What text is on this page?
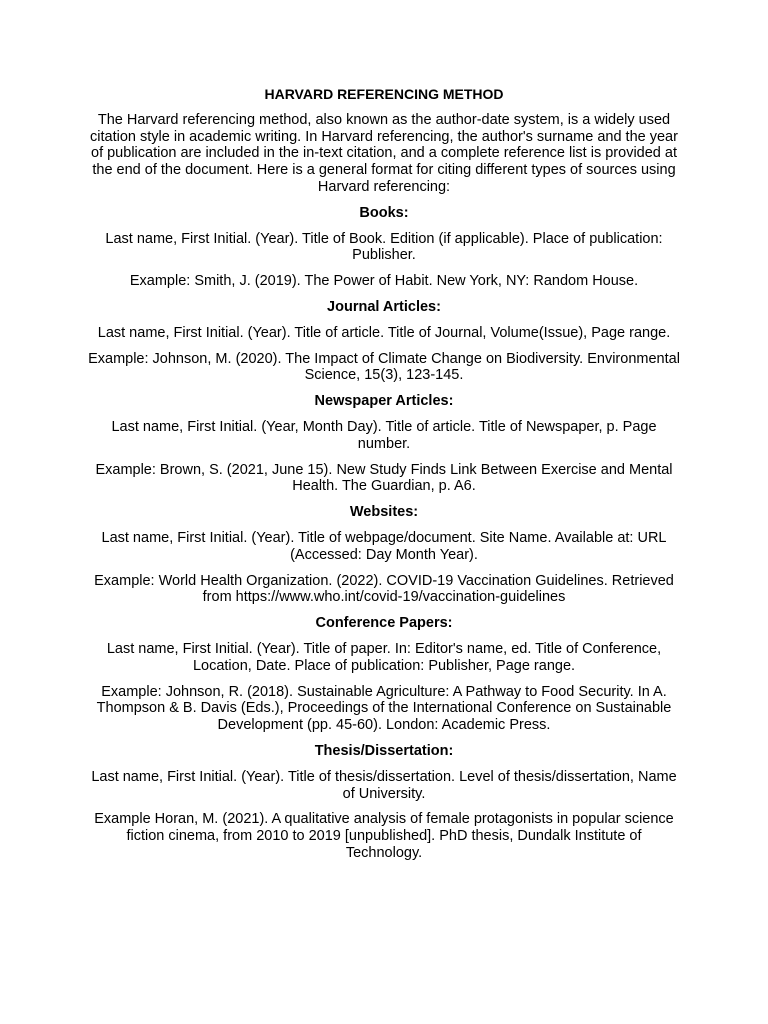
HARVARD REFERENCING METHOD
The Harvard referencing method, also known as the author-date system, is a widely used citation style in academic writing. In Harvard referencing, the author's surname and the year of publication are included in the in-text citation, and a complete reference list is provided at the end of the document. Here is a general format for citing different types of sources using Harvard referencing:
Books:
Last name, First Initial. (Year). Title of Book. Edition (if applicable). Place of publication: Publisher.
Example: Smith, J. (2019). The Power of Habit. New York, NY: Random House.
Journal Articles:
Last name, First Initial. (Year). Title of article. Title of Journal, Volume(Issue), Page range.
Example: Johnson, M. (2020). The Impact of Climate Change on Biodiversity. Environmental Science, 15(3), 123-145.
Newspaper Articles:
Last name, First Initial. (Year, Month Day). Title of article. Title of Newspaper, p. Page number.
Example: Brown, S. (2021, June 15). New Study Finds Link Between Exercise and Mental Health. The Guardian, p. A6.
Websites:
Last name, First Initial. (Year). Title of webpage/document. Site Name. Available at: URL (Accessed: Day Month Year).
Example: World Health Organization. (2022). COVID-19 Vaccination Guidelines. Retrieved from https://www.who.int/covid-19/vaccination-guidelines
Conference Papers:
Last name, First Initial. (Year). Title of paper. In: Editor's name, ed. Title of Conference, Location, Date. Place of publication: Publisher, Page range.
Example: Johnson, R. (2018). Sustainable Agriculture: A Pathway to Food Security. In A. Thompson & B. Davis (Eds.), Proceedings of the International Conference on Sustainable Development (pp. 45-60). London: Academic Press.
Thesis/Dissertation:
Last name, First Initial. (Year). Title of thesis/dissertation. Level of thesis/dissertation, Name of University.
Example Horan, M. (2021). A qualitative analysis of female protagonists in popular science fiction cinema, from 2010 to 2019 [unpublished]. PhD thesis, Dundalk Institute of Technology.
